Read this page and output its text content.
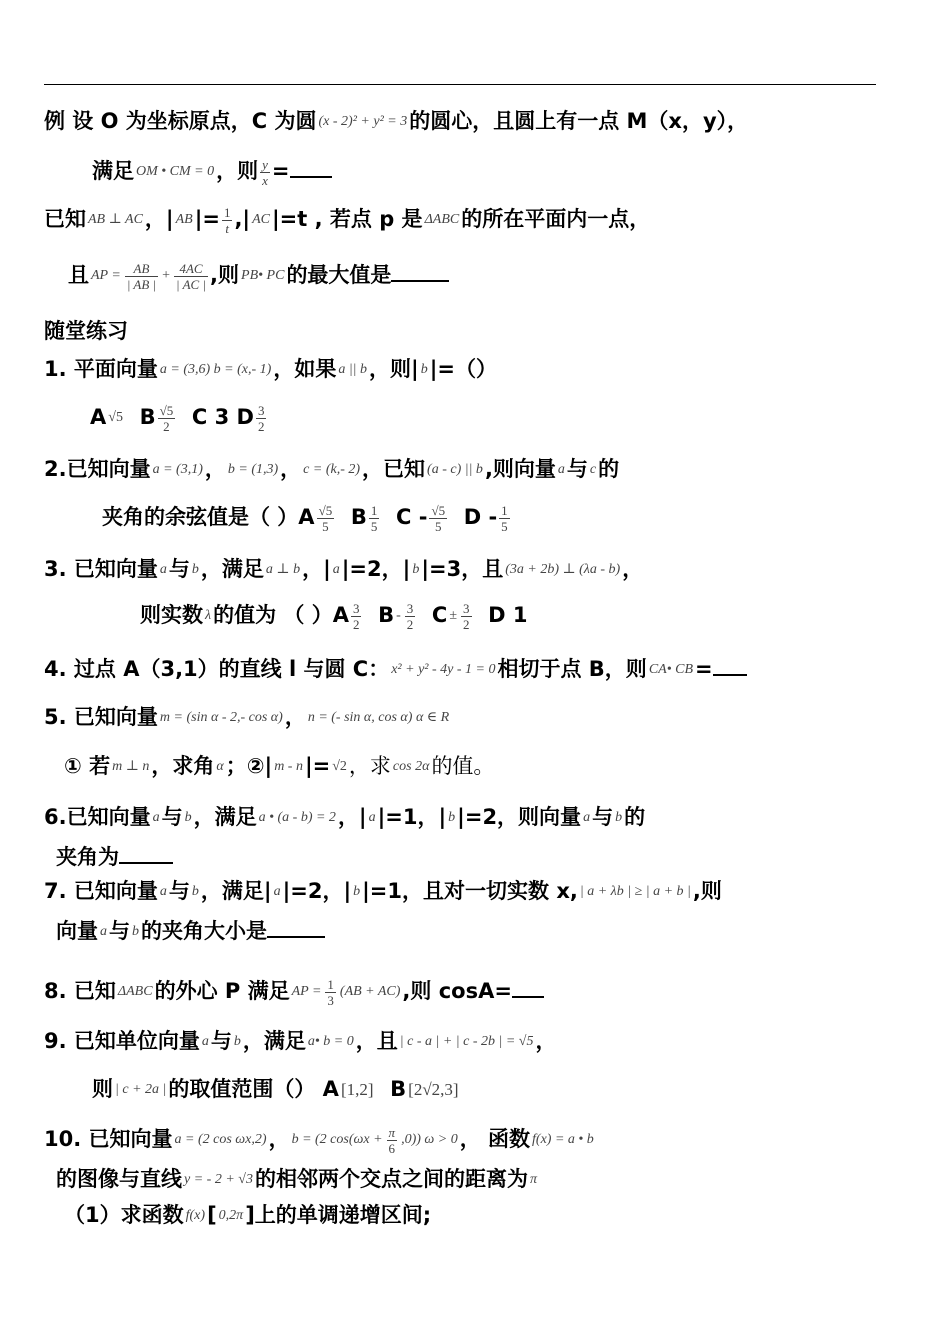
例 设 O 为坐标原点，C 为圆 (x - 2)² + y² = 3的圆心，且圆上有一点 M（x，y），
满足 OM • CM = 0，则 $\frac{y}{x}$ =
已知 AB ⊥ AC，| $AB|= \frac{1}{t}$ ,| AC|=t , 若点 p 是 ΔABC的所在平面内一点，
且 AP = $\frac{AB}{| AB |} + \frac{4AC}{| AC |}$ ,则 PB• PC的最大值是
随堂练习
1. 平面向量 a = (3,6) b = (x,- 1)，如果 a || b，则| b|=（）
A √5 B $\frac{√5}{2}$ C 3 D $\frac{3}{2}$
2.已知向量 a = (3,1)， b = (1,3)， c = (k,- 2)，已知 (a - c) || b,则向量 a与 c的
夹角的余弦值是（ ）$A \frac{√5}{5}$ B $\frac{1}{5}$ C - $\frac{√5}{5}$ D - $\frac{1}{5}$
3. 已知向量 a与 b，满足 a ⊥ b，| a|=2，| b|=3，且 (3a + 2b) ⊥ (λa - b)，
则实数 λ的值为 （ ）$A \frac{3}{2}$ B - $\frac{3}{2}$ $C \pm \frac{3}{2}$ D 1
4. 过点 A（3,1）的直线 l 与圆 C： x² + y² - 4y - 1 = 0相切于点 B，则 CA• CB=
5. 已知向量 m = (sin α - 2,- cos α)， n = (- sin α, cos α) α ∈ R
① 若 m ⊥ n，求角 α；②| m - n|= √2，求 cos 2α的值。
6.已知向量 a与 b，满足 a • (a - b) = 2，| a|=1，| b|=2，则向量 a与 b的
夹角为
7. 已知向量 a与 b，满足| a|=2，| b|=1，且对一切实数 x, | a + λb | ≥ | a + b |,则
向量 a与 b的夹角大小是
8. 已知 ΔABC的外心 P 满足 AP = $\frac{1}{3} (AB + AC)$,则 cosA=
9. 已知单位向量 a与 b，满足 a• b = 0，且 | c - a | + | c - 2b | = √5，
则 | c + 2a |的取值范围（） A [1,2] B [2√2,3]
10. 已知向量 a = (2 cos ωx,2)， b = (2 $\cos(\omega x + \frac{\pi}{6} ,0)$) ω > 0， 函数 f(x) = a • b
的图像与直线 y = - 2 + √3的相邻两个交点之间的距离为 π
（1）求函数 f(x)[ 0,2π]上的单调递增区间;
